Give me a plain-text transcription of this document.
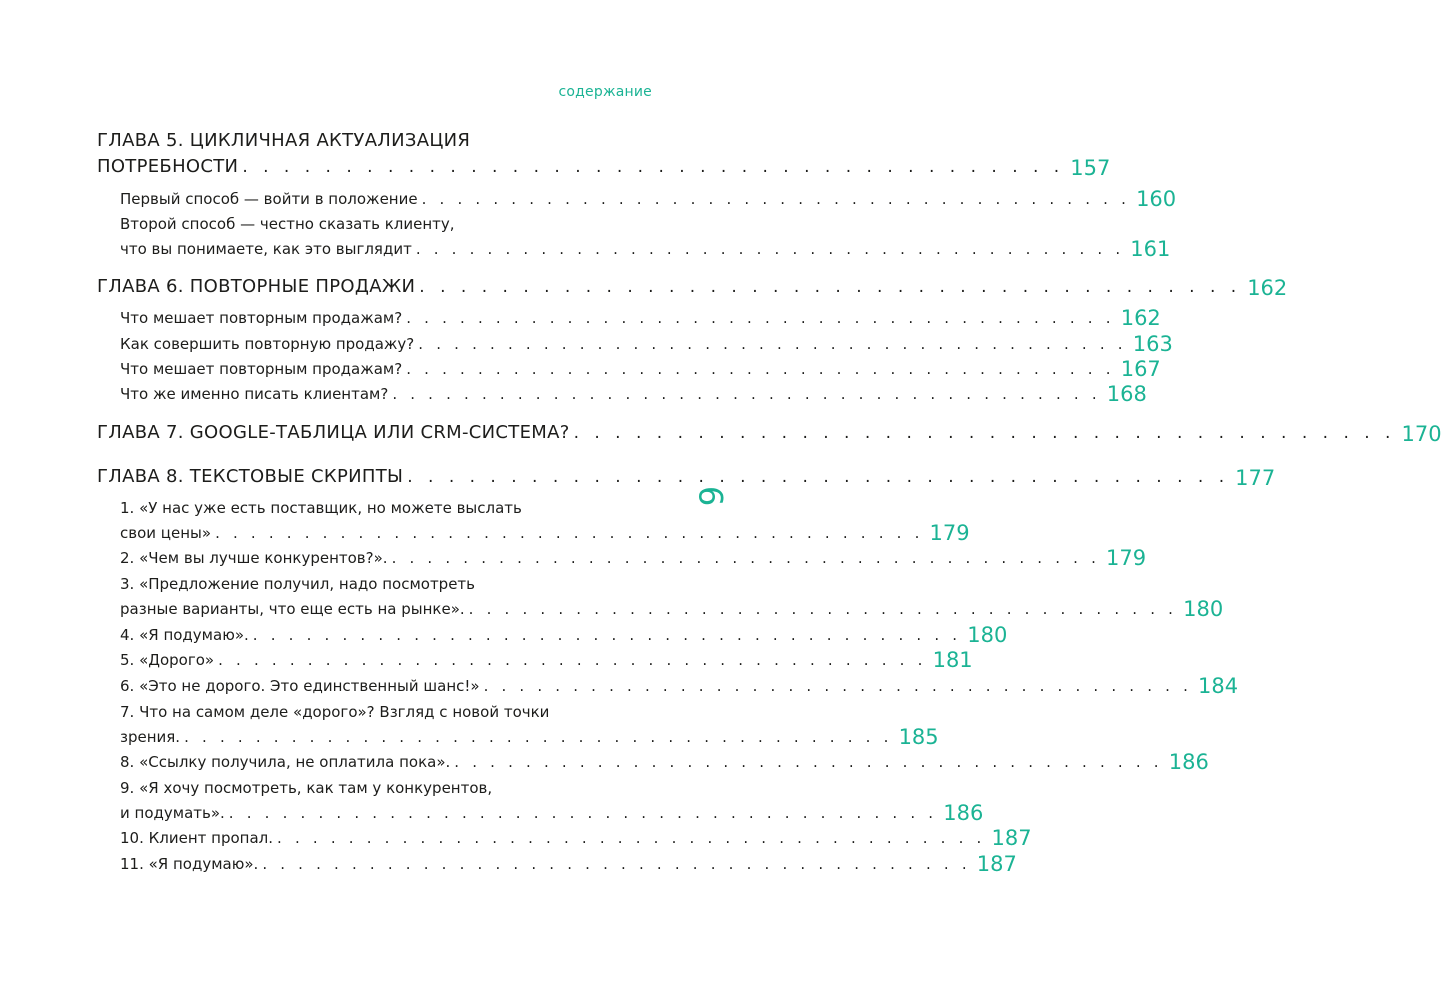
содержание
9
ГЛАВА 5. ЦИКЛИЧНАЯ АКТУАЛИЗАЦИЯ
ПОТРЕБНОСТИ . . . . . . . . . . . . . . . . . . . . . . . . . . . . . . . . . . . . . . . . 157
Первый способ — войти в положение . . . . . . . . . . . . . . . . . . . . . . . . . . . . . . . . . . . . . . . . 160
Второй способ — честно сказать клиенту,
что вы понимаете, как это выглядит . . . . . . . . . . . . . . . . . . . . . . . . . . . . . . . . . . . . . . . . 161
ГЛАВА 6. ПОВТОРНЫЕ ПРОДАЖИ . . . . . . . . . . . . . . . . . . . . . . . . . . . . . . . . . . . . . . . . 162
Что мешает повторным продажам? . . . . . . . . . . . . . . . . . . . . . . . . . . . . . . . . . . . . . . . . 162
Как совершить повторную продажу? . . . . . . . . . . . . . . . . . . . . . . . . . . . . . . . . . . . . . . . . 163
Что мешает повторным продажам? . . . . . . . . . . . . . . . . . . . . . . . . . . . . . . . . . . . . . . . . 167
Что же именно писать клиентам? . . . . . . . . . . . . . . . . . . . . . . . . . . . . . . . . . . . . . . . . 168
ГЛАВА 7. GOOGLE-ТАБЛИЦА ИЛИ CRM-СИСТЕМА? . . . . . . . . . . . . . . . . . . . . . . . . . . . . . . . . . . . . . . . . 170
ГЛАВА 8. ТЕКСТОВЫЕ СКРИПТЫ . . . . . . . . . . . . . . . . . . . . . . . . . . . . . . . . . . . . . . . . 177
1. «У нас уже есть поставщик, но можете выслать
свои цены» . . . . . . . . . . . . . . . . . . . . . . . . . . . . . . . . . . . . . . . . 179
2. «Чем вы лучше конкурентов?». . . . . . . . . . . . . . . . . . . . . . . . . . . . . . . . . . . . . . . . . 179
3. «Предложение получил, надо посмотреть
разные варианты, что еще есть на рынке». . . . . . . . . . . . . . . . . . . . . . . . . . . . . . . . . . . . . . . . . 180
4. «Я подумаю». . . . . . . . . . . . . . . . . . . . . . . . . . . . . . . . . . . . . . . . . 180
5. «Дорого» . . . . . . . . . . . . . . . . . . . . . . . . . . . . . . . . . . . . . . . . 181
6. «Это не дорого. Это единственный шанс!» . . . . . . . . . . . . . . . . . . . . . . . . . . . . . . . . . . . . . . . . 184
7. Что на самом деле «дорого»? Взгляд с новой точки
зрения. . . . . . . . . . . . . . . . . . . . . . . . . . . . . . . . . . . . . . . . . 185
8. «Ссылку получила, не оплатила пока». . . . . . . . . . . . . . . . . . . . . . . . . . . . . . . . . . . . . . . . . 186
9. «Я хочу посмотреть, как там у конкурентов,
и подумать». . . . . . . . . . . . . . . . . . . . . . . . . . . . . . . . . . . . . . . . . 186
10. Клиент пропал. . . . . . . . . . . . . . . . . . . . . . . . . . . . . . . . . . . . . . . . . 187
11. «Я подумаю». . . . . . . . . . . . . . . . . . . . . . . . . . . . . . . . . . . . . . . . . 187
